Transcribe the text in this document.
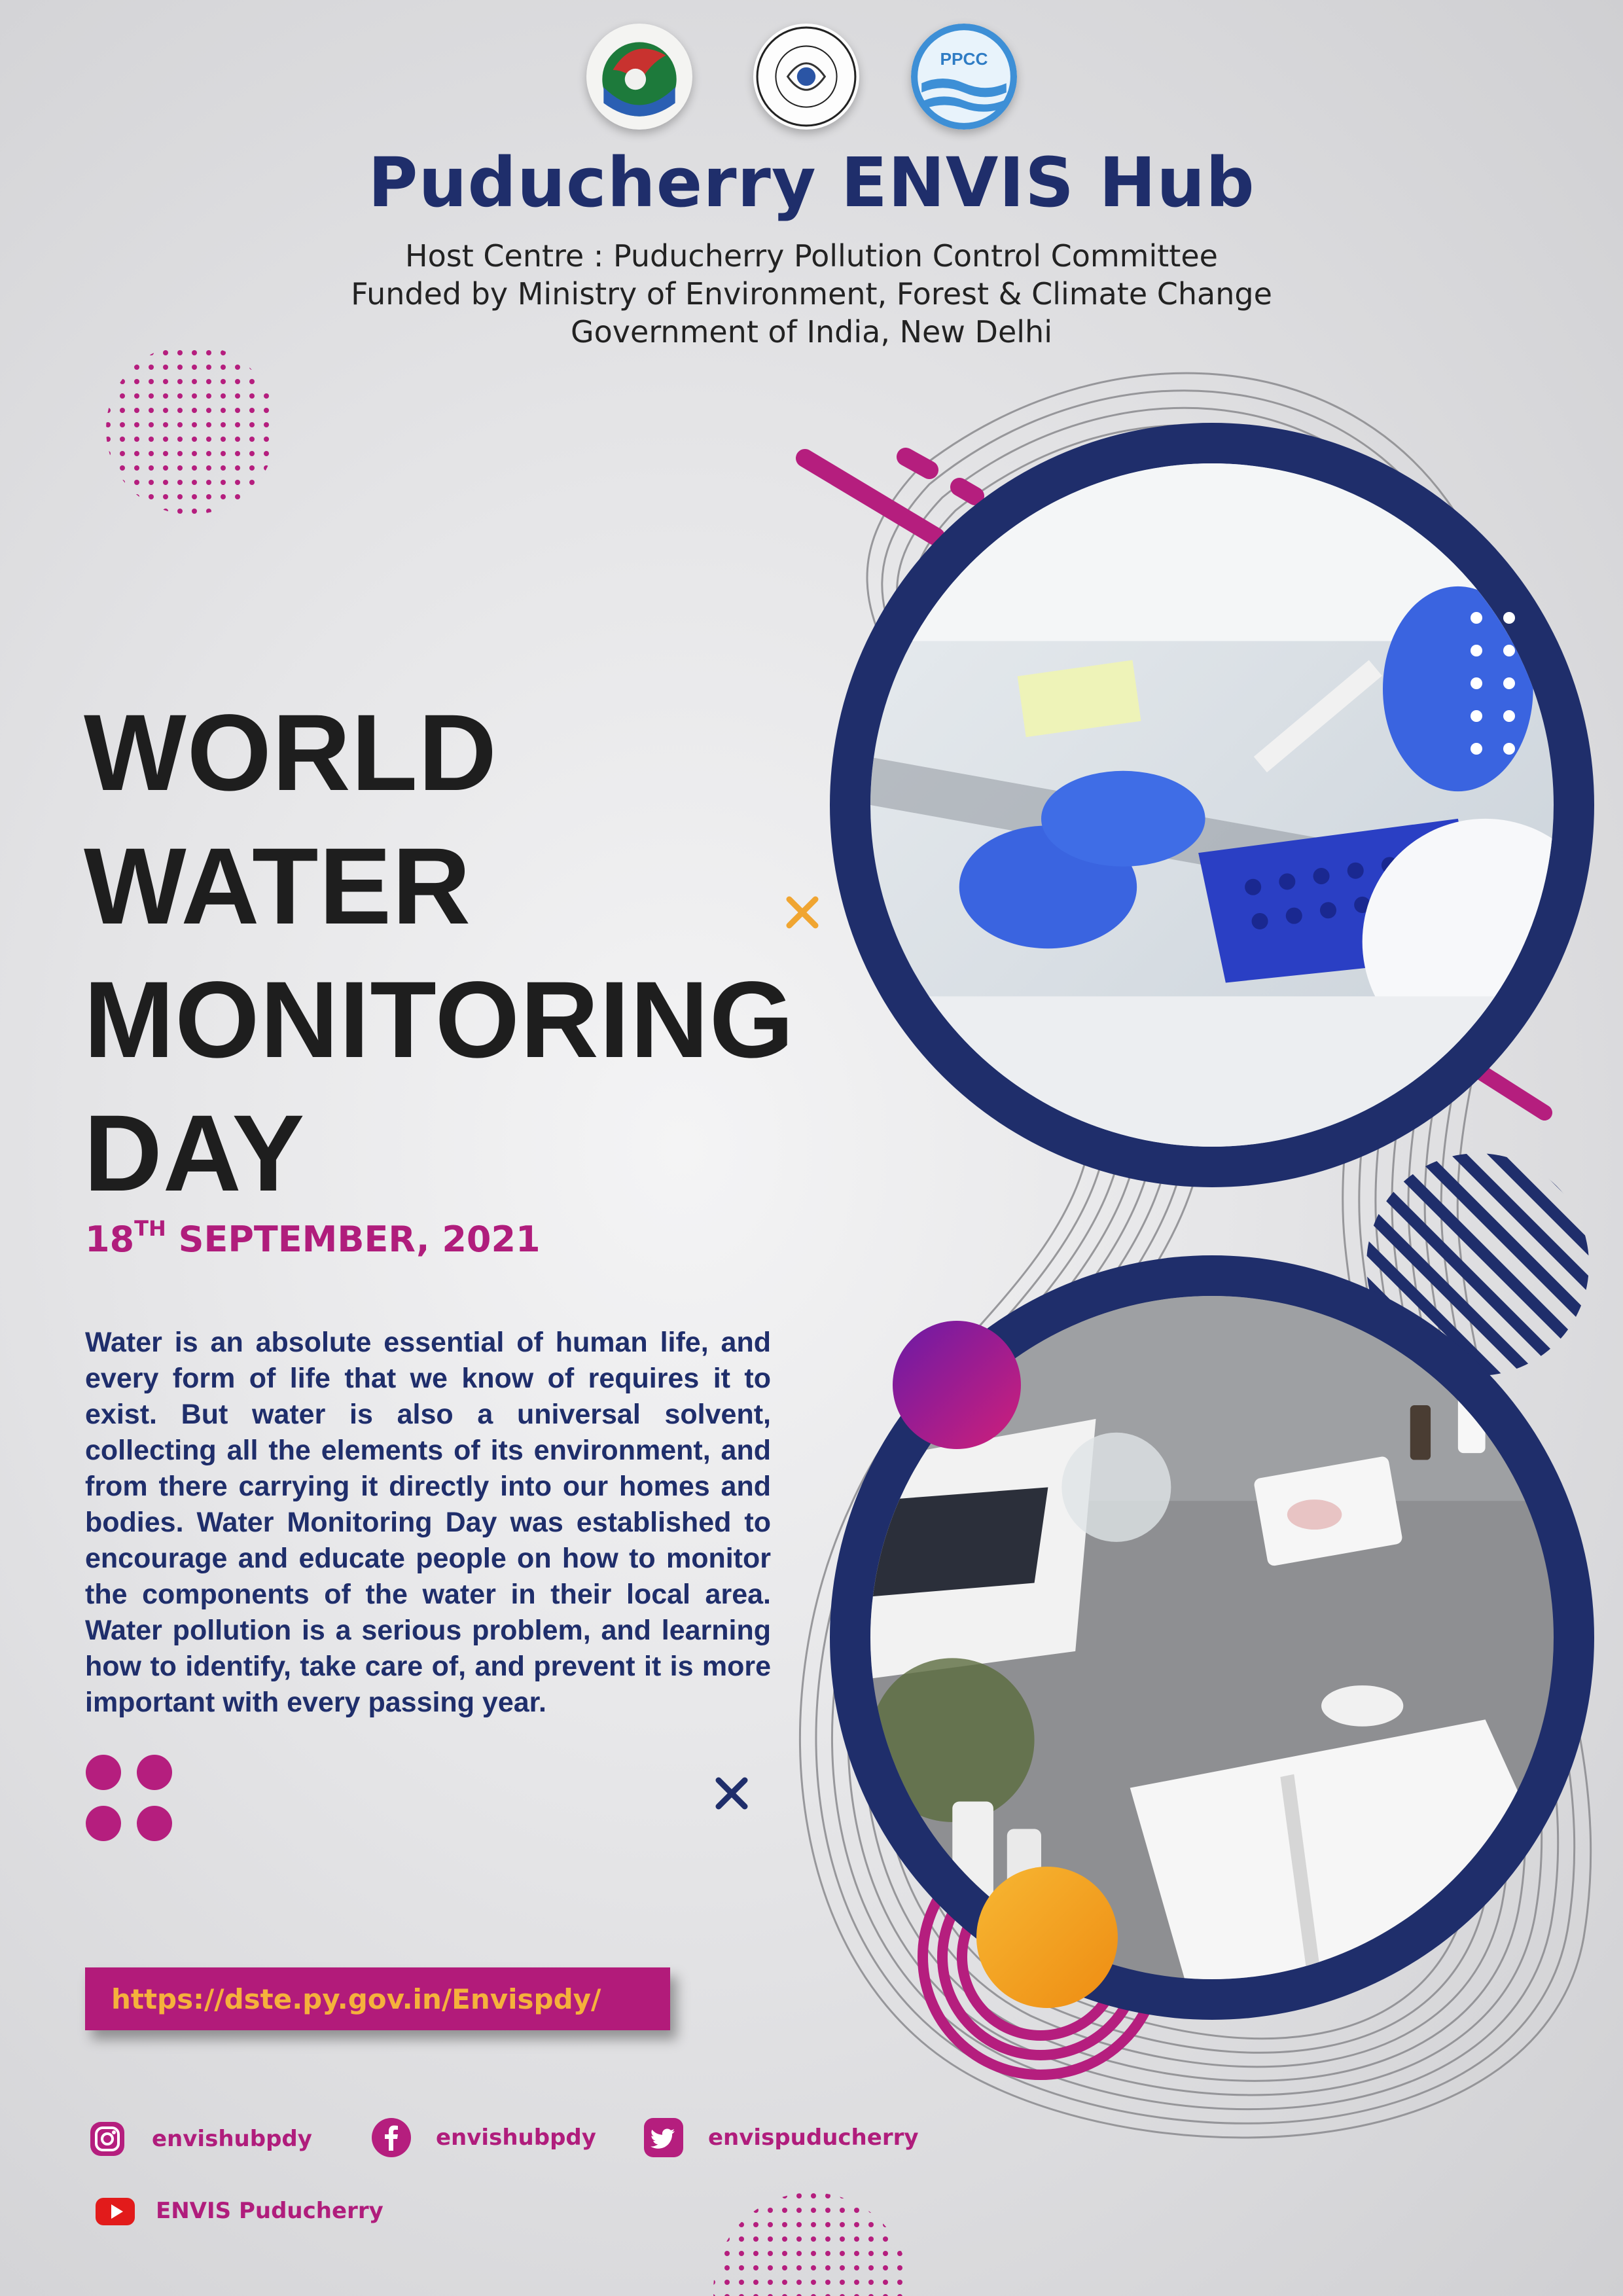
PPCC
Puducherry ENVIS Hub
Host Centre : Puducherry Pollution Control Committee
Funded by Ministry of Environment, Forest & Climate Change
Government of India, New Delhi
WORLD
WATER
MONITORING
DAY
18TH SEPTEMBER, 2021
Water is an absolute essential of human life, and every form of life that we know of requires it to exist. But water is also a universal solvent, collecting all the elements of its environment, and from there carrying it directly into our homes and bodies. Water Monitoring Day was established to encourage and educate people on how to monitor the components of the water in their local area. Water pollution is a serious problem, and learning how to identify, take care of, and prevent it is more important with every passing year.
https://dste.py.gov.in/Envispdy/
envishubpdy	envishubpdy	envispuducherry
ENVIS Puducherry
